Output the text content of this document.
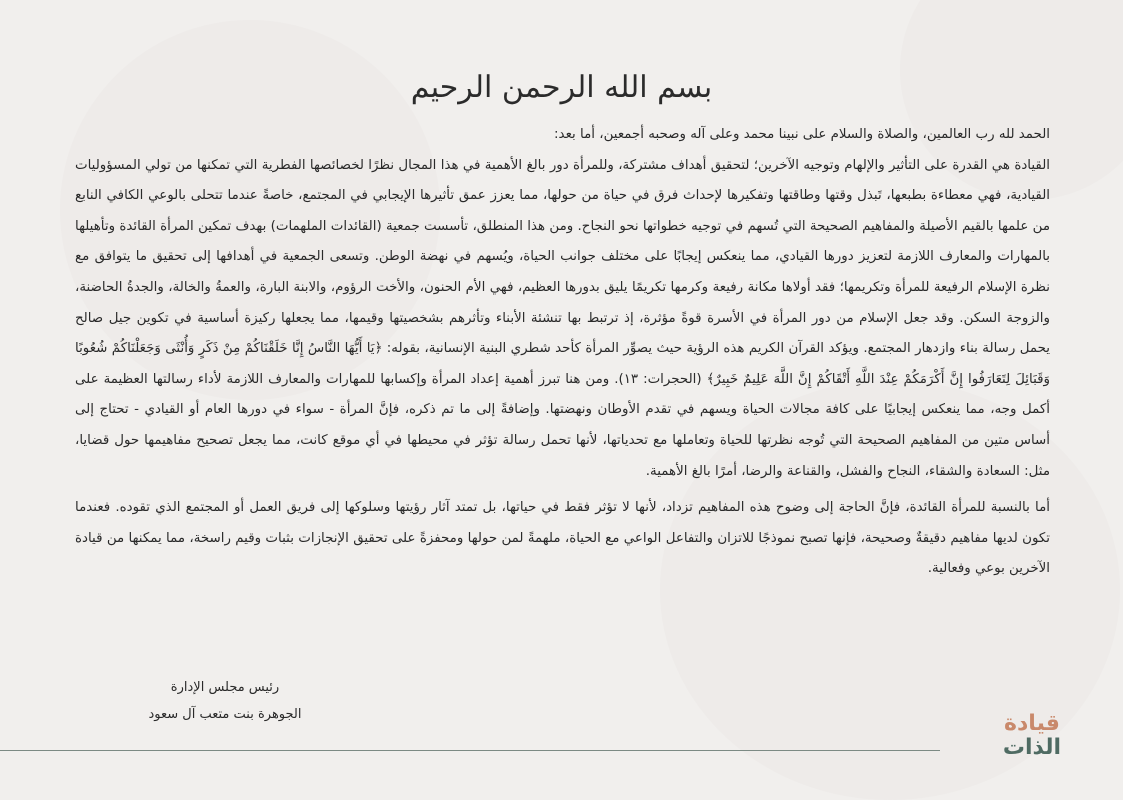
بسم الله الرحمن الرحيم

الحمد لله رب العالمين، والصلاة والسلام على نبينا محمد وعلى آله وصحبه أجمعين، أما بعد:

القيادة هي القدرة على التأثير والإلهام وتوجيه الآخرين؛ لتحقيق أهداف مشتركة، وللمرأة دور بالغ الأهمية في هذا المجال نظرًا لخصائصها الفطرية التي تمكنها من تولي المسؤوليات القيادية، فهي معطاءة بطبعها، تَبذل وقتها وطاقتها وتفكيرها لإحداث فرق في حياة من حولها، مما يعزز عمق تأثيرها الإيجابي في المجتمع، خاصةً عندما تتحلى بالوعي الكافي النابع من علمها بالقيم الأصيلة والمفاهيم الصحيحة التي تُسهم في توجيه خطواتها نحو النجاح. ومن هذا المنطلق، تأسست جمعية (القائدات الملهمات) بهدف تمكين المرأة القائدة وتأهيلها بالمهارات والمعارف اللازمة لتعزيز دورها القيادي، مما ينعكس إيجابًا على مختلف جوانب الحياة، ويُسهم في نهضة الوطن. وتسعى الجمعية في أهدافها إلى تحقيق ما يتوافق مع نظرة الإسلام الرفيعة للمرأة وتكريمها؛ فقد أولاها مكانة رفيعة وكرمها تكريمًا يليق بدورها العظيم، فهي الأم الحنون، والأخت الرؤوم، والابنة البارة، والعمةُ والخالة، والجدةُ الحاضنة، والزوجة السكن. وقد جعل الإسلام من دور المرأة في الأسرة قوةً مؤثرة، إذ ترتبط بها تنشئة الأبناء وتأثرهم بشخصيتها وقيمها، مما يجعلها ركيزة أساسية في تكوين جيل صالح يحمل رسالة بناء وازدهار المجتمع. ويؤكد القرآن الكريم هذه الرؤية حيث يصوِّر المرأة كأحد شطري البنية الإنسانية، بقوله: ﴿يَا أَيُّهَا النَّاسُ إِنَّا خَلَقْنَاكُمْ مِنْ ذَكَرٍ وَأُنْثَى وَجَعَلْنَاكُمْ شُعُوبًا وَقَبَائِلَ لِتَعَارَفُوا إِنَّ أَكْرَمَكُمْ عِنْدَ اللَّهِ أَتْقَاكُمْ إِنَّ اللَّهَ عَلِيمٌ خَبِيرٌ﴾ (الحجرات: ١٣). ومن هنا تبرز أهمية إعداد المرأة وإكسابها للمهارات والمعارف اللازمة لأداء رسالتها العظيمة على أكمل وجه، مما ينعكس إيجابيًا على كافة مجالات الحياة ويسهم في تقدم الأوطان ونهضتها. وإضافةً إلى ما تم ذكره، فإنَّ المرأة - سواء في دورها العام أو القيادي - تحتاج إلى أساس متين من المفاهيم الصحيحة التي تُوجه نظرتها للحياة وتعاملها مع تحدياتها، لأنها تحمل رسالة تؤثر في محيطها في أي موقع كانت، مما يجعل تصحيح مفاهيمها حول قضايا، مثل: السعادة والشقاء، النجاح والفشل، والقناعة والرضا، أمرًا بالغ الأهمية.

أما بالنسبة للمرأة القائدة، فإنَّ الحاجة إلى وضوح هذه المفاهيم تزداد، لأنها لا تؤثر فقط في حياتها، بل تمتد آثار رؤيتها وسلوكها إلى فريق العمل أو المجتمع الذي تقوده. فعندما تكون لديها مفاهيم دقيقةٌ وصحيحة، فإنها تصبح نموذجًا للاتزان والتفاعل الواعي مع الحياة، ملهمةً لمن حولها ومحفزةً على تحقيق الإنجازات بثبات وقيم راسخة، مما يمكنها من قيادة الآخرين بوعي وفعالية.

رئيس مجلس الإدارة
الجوهرة بنت متعب آل سعود	قيادة
الذات
